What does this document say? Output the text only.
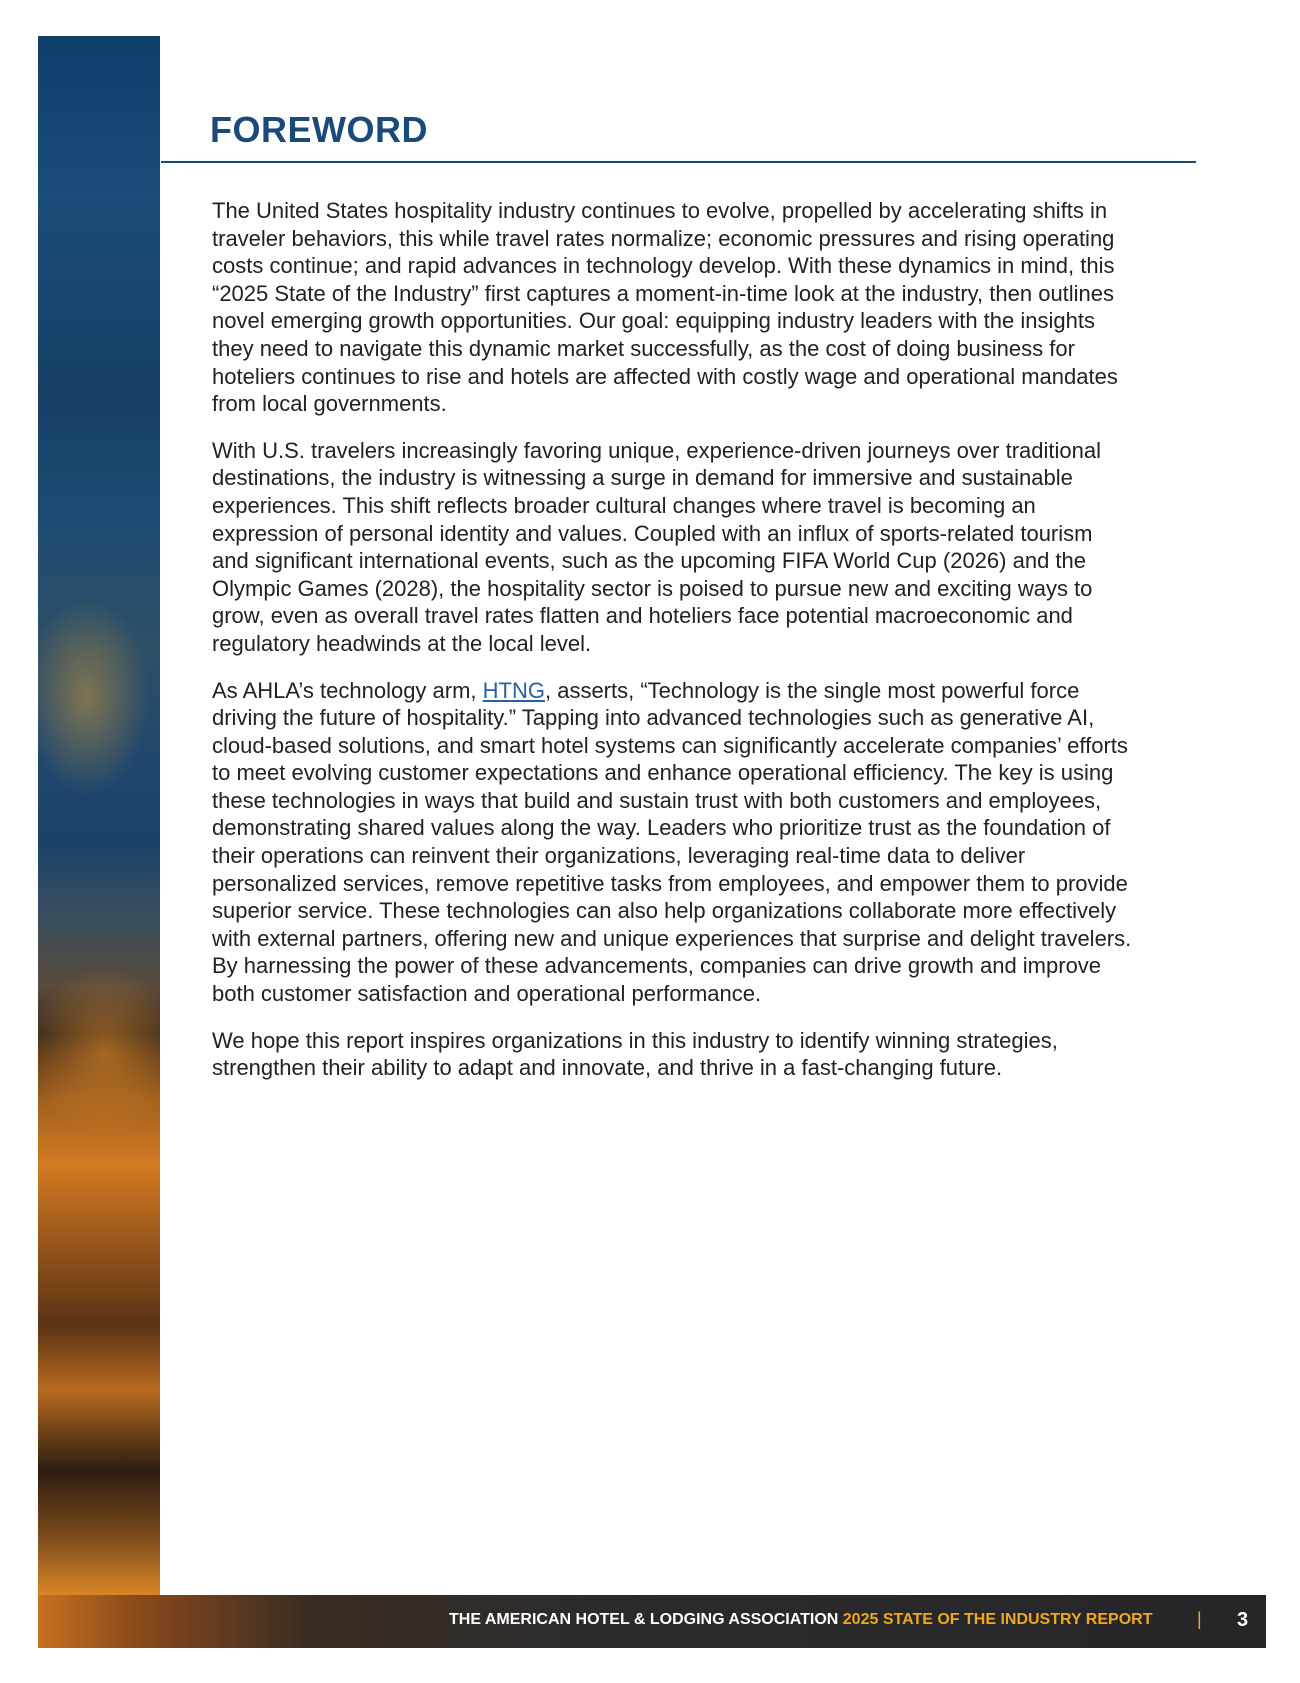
FOREWORD

The United States hospitality industry continues to evolve, propelled by accelerating shifts in traveler behaviors, this while travel rates normalize; economic pressures and rising operating costs continue; and rapid advances in technology develop. With these dynamics in mind, this “2025 State of the Industry” first captures a moment-in-time look at the industry, then outlines novel emerging growth opportunities. Our goal: equipping industry leaders with the insights they need to navigate this dynamic market successfully, as the cost of doing business for hoteliers continues to rise and hotels are affected with costly wage and operational mandates from local governments.

With U.S. travelers increasingly favoring unique, experience-driven journeys over traditional destinations, the industry is witnessing a surge in demand for immersive and sustainable experiences. This shift reflects broader cultural changes where travel is becoming an expression of personal identity and values. Coupled with an influx of sports-related tourism and significant international events, such as the upcoming FIFA World Cup (2026) and the Olympic Games (2028), the hospitality sector is poised to pursue new and exciting ways to grow, even as overall travel rates flatten and hoteliers face potential macroeconomic and regulatory headwinds at the local level.

As AHLA’s technology arm, HTNG, asserts, “Technology is the single most powerful force driving the future of hospitality.” Tapping into advanced technologies such as generative AI, cloud-based solutions, and smart hotel systems can significantly accelerate companies’ efforts to meet evolving customer expectations and enhance operational efficiency. The key is using these technologies in ways that build and sustain trust with both customers and employees, demonstrating shared values along the way. Leaders who prioritize trust as the foundation of their operations can reinvent their organizations, leveraging real-time data to deliver personalized services, remove repetitive tasks from employees, and empower them to provide superior service. These technologies can also help organizations collaborate more effectively with external partners, offering new and unique experiences that surprise and delight travelers. By harnessing the power of these advancements, companies can drive growth and improve both customer satisfaction and operational performance.

We hope this report inspires organizations in this industry to identify winning strategies, strengthen their ability to adapt and innovate, and thrive in a fast-changing future.

THE AMERICAN HOTEL & LODGING ASSOCIATION 2025 STATE OF THE INDUSTRY REPORT | 3
